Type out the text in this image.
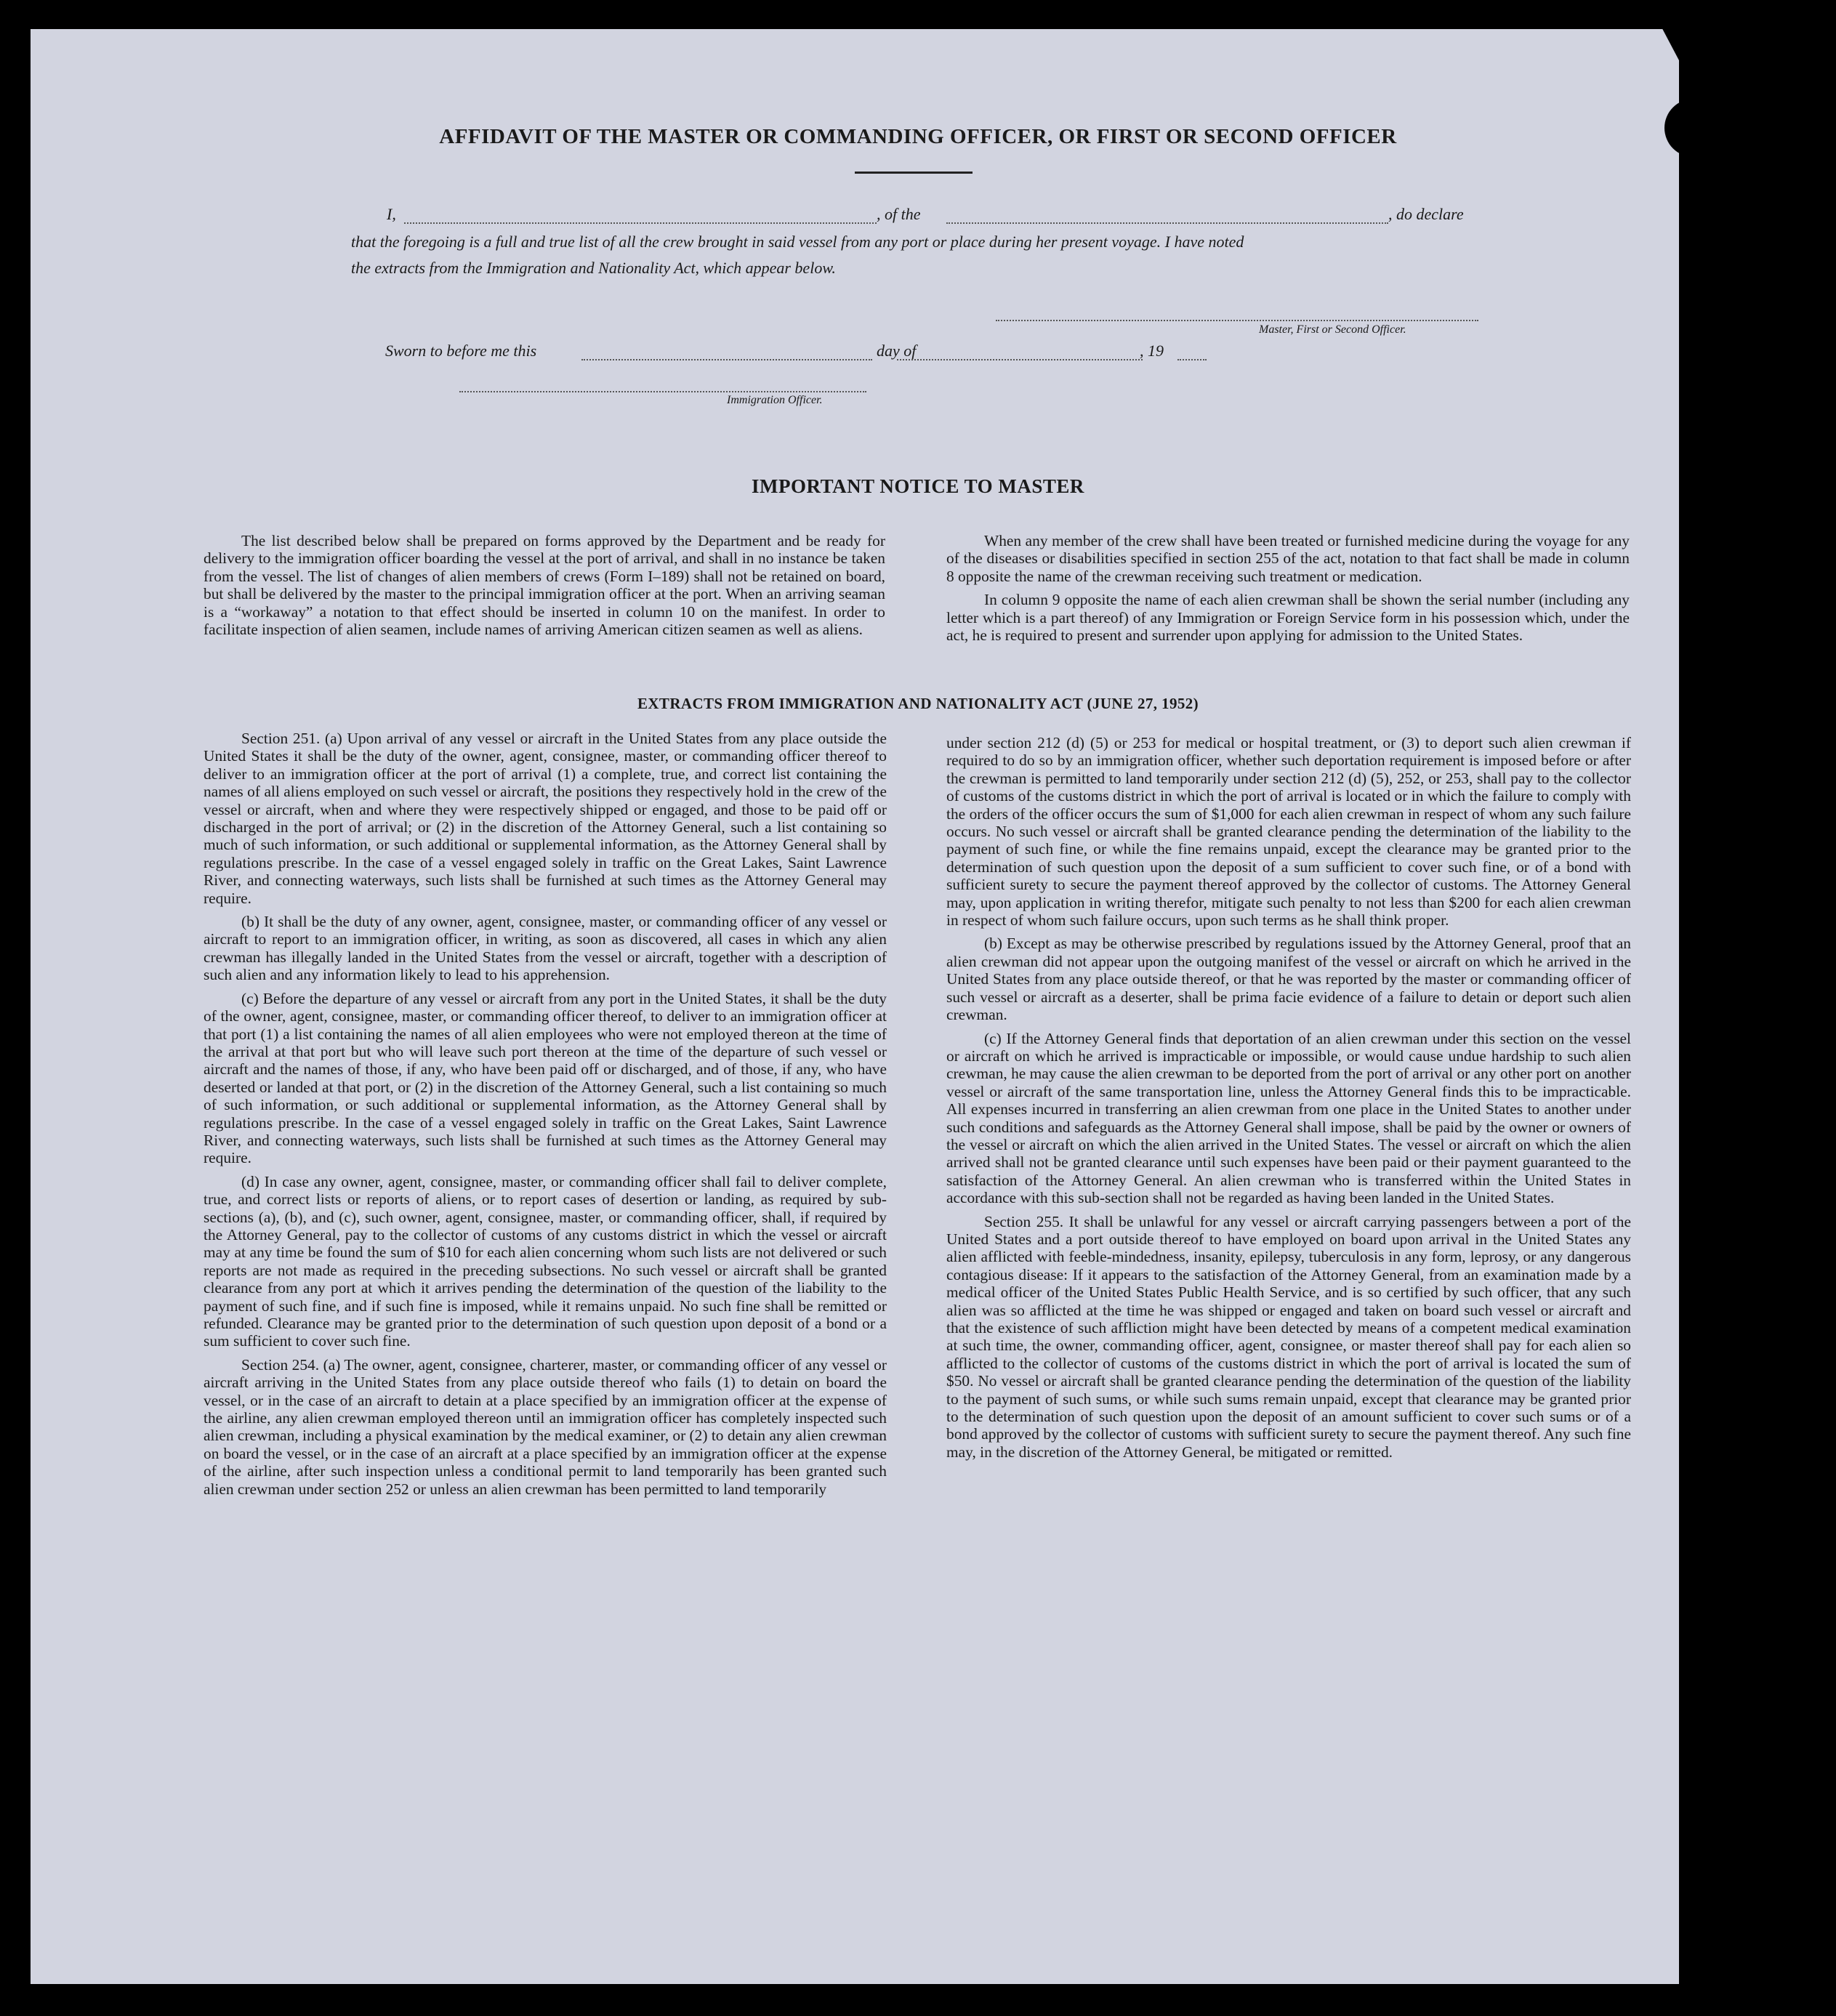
AFFIDAVIT OF THE MASTER OR COMMANDING OFFICER, OR FIRST OR SECOND OFFICER
I,	, of the	, do declare
that the foregoing is a full and true list of all the crew brought in said vessel from any port or place during her present voyage. I have noted
the extracts from the Immigration and Nationality Act, which appear below.
Master, First or Second Officer.
Sworn to before me this	day of	, 19
Immigration Officer.
IMPORTANT NOTICE TO MASTER

The list described below shall be prepared on forms approved by the Department and be ready for delivery to the immigration officer boarding the vessel at the port of arrival, and shall in no instance be taken from the vessel. The list of changes of alien members of crews (Form I–189) shall not be retained on board, but shall be delivered by the master to the principal immigration officer at the port. When an arriving seaman is a “workaway” a notation to that effect should be inserted in column 10 on the manifest. In order to facilitate inspection of alien seamen, include names of arriving American citizen seamen as well as aliens.

When any member of the crew shall have been treated or furnished medicine during the voyage for any of the diseases or disabilities specified in section 255 of the act, notation to that fact shall be made in column 8 opposite the name of the crewman receiving such treatment or medication.

In column 9 opposite the name of each alien crewman shall be shown the serial number (including any letter which is a part thereof) of any Immigration or Foreign Service form in his possession which, under the act, he is required to present and surrender upon applying for admission to the United States.

EXTRACTS FROM IMMIGRATION AND NATIONALITY ACT (JUNE 27, 1952)

Section 251. (a) Upon arrival of any vessel or aircraft in the United States from any place outside the United States it shall be the duty of the owner, agent, consignee, master, or commanding officer thereof to deliver to an immigration officer at the port of arrival (1) a complete, true, and correct list containing the names of all aliens employed on such vessel or aircraft, the positions they respectively hold in the crew of the vessel or aircraft, when and where they were respectively shipped or engaged, and those to be paid off or discharged in the port of arrival; or (2) in the discretion of the Attorney General, such a list containing so much of such information, or such additional or supplemental information, as the Attorney General shall by regulations prescribe. In the case of a vessel engaged solely in traffic on the Great Lakes, Saint Lawrence River, and connecting waterways, such lists shall be furnished at such times as the Attorney General may require.

(b) It shall be the duty of any owner, agent, consignee, master, or commanding officer of any vessel or aircraft to report to an immigration officer, in writing, as soon as discovered, all cases in which any alien crewman has illegally landed in the United States from the vessel or aircraft, together with a description of such alien and any information likely to lead to his apprehension.

(c) Before the departure of any vessel or aircraft from any port in the United States, it shall be the duty of the owner, agent, consignee, master, or commanding officer thereof, to deliver to an immigration officer at that port (1) a list containing the names of all alien employees who were not employed thereon at the time of the arrival at that port but who will leave such port thereon at the time of the departure of such vessel or aircraft and the names of those, if any, who have been paid off or discharged, and of those, if any, who have deserted or landed at that port, or (2) in the discretion of the Attorney General, such a list containing so much of such information, or such additional or supplemental information, as the Attorney General shall by regulations prescribe. In the case of a vessel engaged solely in traffic on the Great Lakes, Saint Lawrence River, and connecting waterways, such lists shall be furnished at such times as the Attorney General may require.

(d) In case any owner, agent, consignee, master, or commanding officer shall fail to deliver complete, true, and correct lists or reports of aliens, or to report cases of desertion or landing, as required by sub-sections (a), (b), and (c), such owner, agent, consignee, master, or commanding officer, shall, if required by the Attorney General, pay to the collector of customs of any customs district in which the vessel or aircraft may at any time be found the sum of $10 for each alien concerning whom such lists are not delivered or such reports are not made as required in the preceding subsections. No such vessel or aircraft shall be granted clearance from any port at which it arrives pending the determination of the question of the liability to the payment of such fine, and if such fine is imposed, while it remains unpaid. No such fine shall be remitted or refunded. Clearance may be granted prior to the determination of such question upon deposit of a bond or a sum sufficient to cover such fine.

Section 254. (a) The owner, agent, consignee, charterer, master, or commanding officer of any vessel or aircraft arriving in the United States from any place outside thereof who fails (1) to detain on board the vessel, or in the case of an aircraft to detain at a place specified by an immigration officer at the expense of the airline, any alien crewman employed thereon until an immigration officer has completely inspected such alien crewman, including a physical examination by the medical examiner, or (2) to detain any alien crewman on board the vessel, or in the case of an aircraft at a place specified by an immigration officer at the expense of the airline, after such inspection unless a conditional permit to land temporarily has been granted such alien crewman under section 252 or unless an alien crewman has been permitted to land temporarily

under section 212 (d) (5) or 253 for medical or hospital treatment, or (3) to deport such alien crewman if required to do so by an immigration officer, whether such deportation requirement is imposed before or after the crewman is permitted to land temporarily under section 212 (d) (5), 252, or 253, shall pay to the collector of customs of the customs district in which the port of arrival is located or in which the failure to comply with the orders of the officer occurs the sum of $1,000 for each alien crewman in respect of whom any such failure occurs. No such vessel or aircraft shall be granted clearance pending the determination of the liability to the payment of such fine, or while the fine remains unpaid, except the clearance may be granted prior to the determination of such question upon the deposit of a sum sufficient to cover such fine, or of a bond with sufficient surety to secure the payment thereof approved by the collector of customs. The Attorney General may, upon application in writing therefor, mitigate such penalty to not less than $200 for each alien crewman in respect of whom such failure occurs, upon such terms as he shall think proper.

(b) Except as may be otherwise prescribed by regulations issued by the Attorney General, proof that an alien crewman did not appear upon the outgoing manifest of the vessel or aircraft on which he arrived in the United States from any place outside thereof, or that he was reported by the master or commanding officer of such vessel or aircraft as a deserter, shall be prima facie evidence of a failure to detain or deport such alien crewman.

(c) If the Attorney General finds that deportation of an alien crewman under this section on the vessel or aircraft on which he arrived is impracticable or impossible, or would cause undue hardship to such alien crewman, he may cause the alien crewman to be deported from the port of arrival or any other port on another vessel or aircraft of the same transportation line, unless the Attorney General finds this to be impracticable. All expenses incurred in transferring an alien crewman from one place in the United States to another under such conditions and safeguards as the Attorney General shall impose, shall be paid by the owner or owners of the vessel or aircraft on which the alien arrived in the United States. The vessel or aircraft on which the alien arrived shall not be granted clearance until such expenses have been paid or their payment guaranteed to the satisfaction of the Attorney General. An alien crewman who is transferred within the United States in accordance with this sub-section shall not be regarded as having been landed in the United States.

Section 255. It shall be unlawful for any vessel or aircraft carrying passengers between a port of the United States and a port outside thereof to have employed on board upon arrival in the United States any alien afflicted with feeble-mindedness, insanity, epilepsy, tuberculosis in any form, leprosy, or any dangerous contagious disease: If it appears to the satisfaction of the Attorney General, from an examination made by a medical officer of the United States Public Health Service, and is so certified by such officer, that any such alien was so afflicted at the time he was shipped or engaged and taken on board such vessel or aircraft and that the existence of such affliction might have been detected by means of a competent medical examination at such time, the owner, commanding officer, agent, consignee, or master thereof shall pay for each alien so afflicted to the collector of customs of the customs district in which the port of arrival is located the sum of $50. No vessel or aircraft shall be granted clearance pending the determination of the question of the liability to the payment of such sums, or while such sums remain unpaid, except that clearance may be granted prior to the determination of such question upon the deposit of an amount sufficient to cover such sums or of a bond approved by the collector of customs with sufficient surety to secure the payment thereof. Any such fine may, in the discretion of the Attorney General, be mitigated or remitted.
